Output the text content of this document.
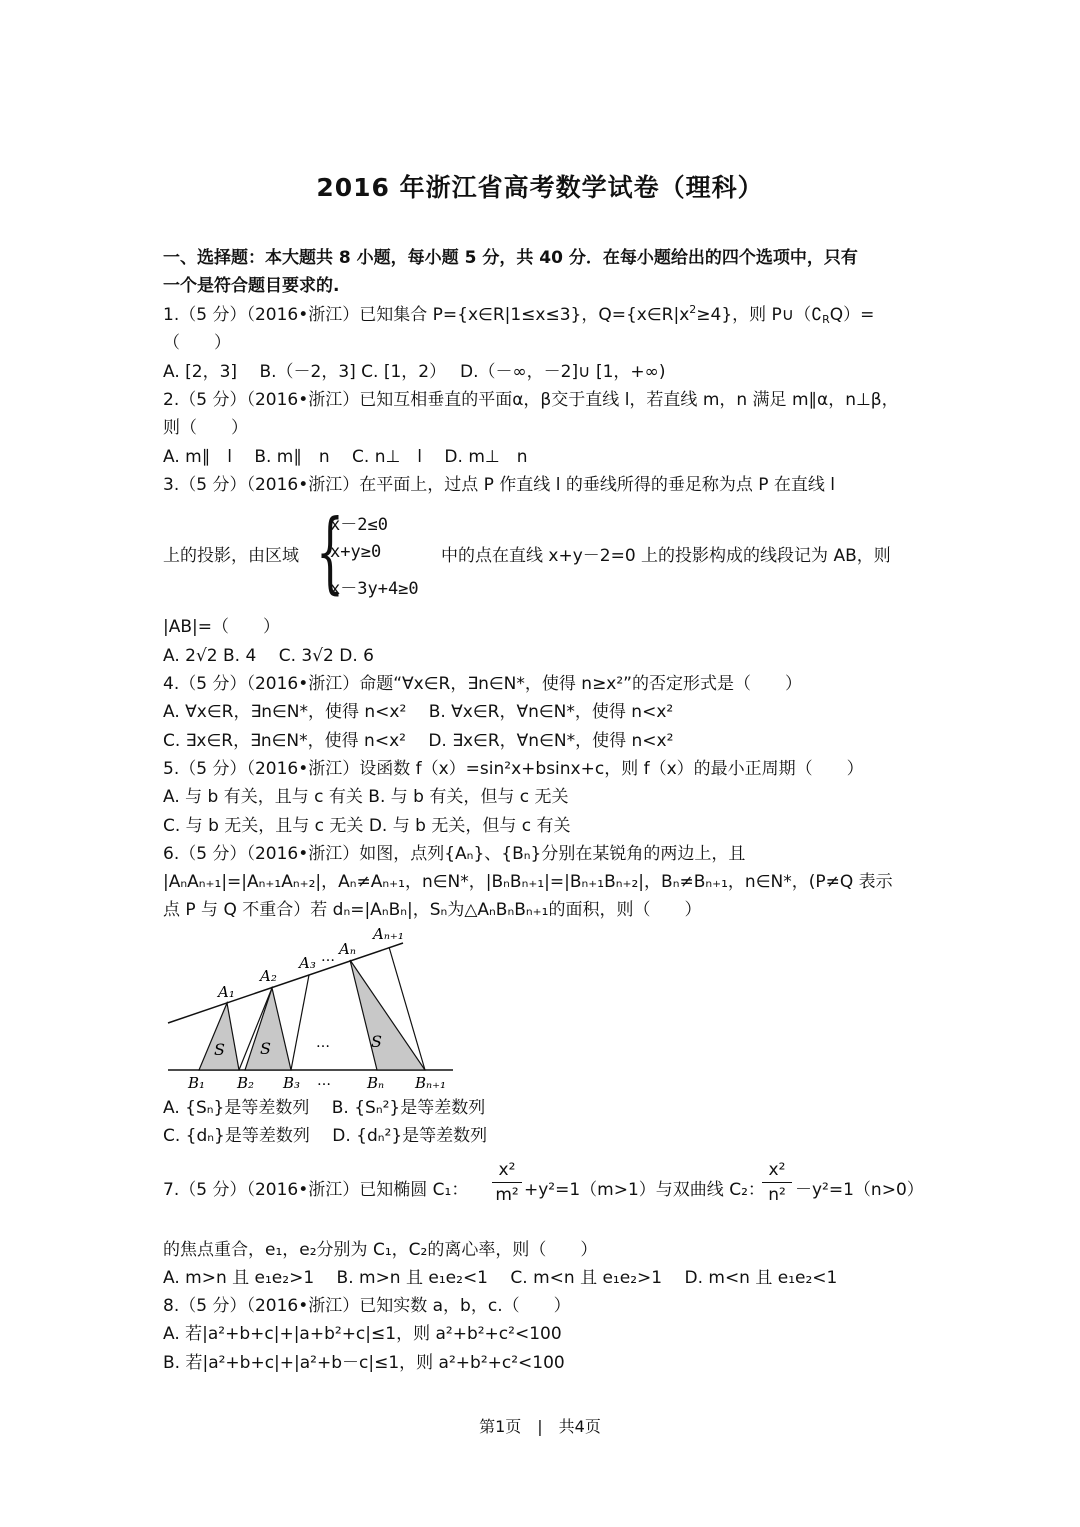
2016 年浙江省高考数学试卷（理科）
一、选择题：本大题共 8 小题，每小题 5 分，共 40 分．在每小题给出的四个选项中，只有
一个是符合题目要求的.
1.（5 分）（2016•浙江）已知集合 P={x∈R|1≤x≤3}，$Q=\{x\in R|x^2\ge 4\}$，则 $P\cup(∁_RQ)=$
（　　）
A. [2，3]　 B.（－2，3] C. [1，2）　 D.（－∞，－2]∪ [1，+∞)
2.（5 分）（2016•浙江）已知互相垂直的平面α，β交于直线 l，若直线 m，n 满足 m∥α，n⊥β，
则（　　）
A. m∥　l　 B. m∥　n　 C. n⊥　l　 D. m⊥　n
3.（5 分）（2016•浙江）在平面上，过点 P 作直线 l 的垂线所得的垂足称为点 P 在直线 l
上的投影，由区域 {
x－2≤0
x+y≥0
x－3y+4≥0
中的点在直线 x+y－2=0 上的投影构成的线段记为 AB，则
|AB|=（　　）
A. 2√2 B. 4　 C. 3√2 D. 6
4.（5 分）（2016•浙江）命题“∀x∈R，∃n∈N*，使得 n≥x²”的否定形式是（　　）
A. ∀x∈R，∃n∈N*，使得 n<x²　 B. ∀x∈R，∀n∈N*，使得 n<x²
C. ∃x∈R，∃n∈N*，使得 n<x²　 D. ∃x∈R，∀n∈N*，使得 n<x²
5.（5 分）（2016•浙江）设函数 f（x）=sin²x+bsinx+c，则 f（x）的最小正周期（　　）
A. 与 b 有关，且与 c 有关 B. 与 b 有关，但与 c 无关
C. 与 b 无关，且与 c 无关 D. 与 b 无关，但与 c 有关
6.（5 分）（2016•浙江）如图，点列{Aₙ}、{Bₙ}分别在某锐角的两边上，且
|AₙAₙ₊₁|=|Aₙ₊₁Aₙ₊₂|，Aₙ≠Aₙ₊₁，n∈N*，|BₙBₙ₊₁|=|Bₙ₊₁Bₙ₊₂|，Bₙ≠Bₙ₊₁，n∈N*，(P≠Q 表示
点 P 与 Q 不重合）若 dₙ=|AₙBₙ|，Sₙ为△AₙBₙBₙ₊₁的面积，则（　　）
A₁
A₂
A₃ … Aₙ
Aₙ₊₁
S S	S
…
B₁ B₂ B₃ … Bₙ Bₙ₊₁
A. {Sₙ}是等差数列　 B. {Sₙ²}是等差数列
C. {dₙ}是等差数列　 D. {dₙ²}是等差数列
7.（5 分）（2016•浙江）已知椭圆 C₁：
x²
m² +y²=1（m>1）与双曲线 C₂：
x²
n² －y²=1（n>0）
的焦点重合，e₁，e₂分别为 C₁，C₂的离心率，则（　　）
A. m>n 且 e₁e₂>1　 B. m>n 且 e₁e₂<1　 C. m<n 且 e₁e₂>1　 D. m<n 且 e₁e₂<1
8.（5 分）（2016•浙江）已知实数 a，b，c.（　　）
A. 若|a²+b+c|+|a+b²+c|≤1，则 a²+b²+c²<100
B. 若|a²+b+c|+|a²+b－c|≤1，则 a²+b²+c²<100
第1页　|　共4页
